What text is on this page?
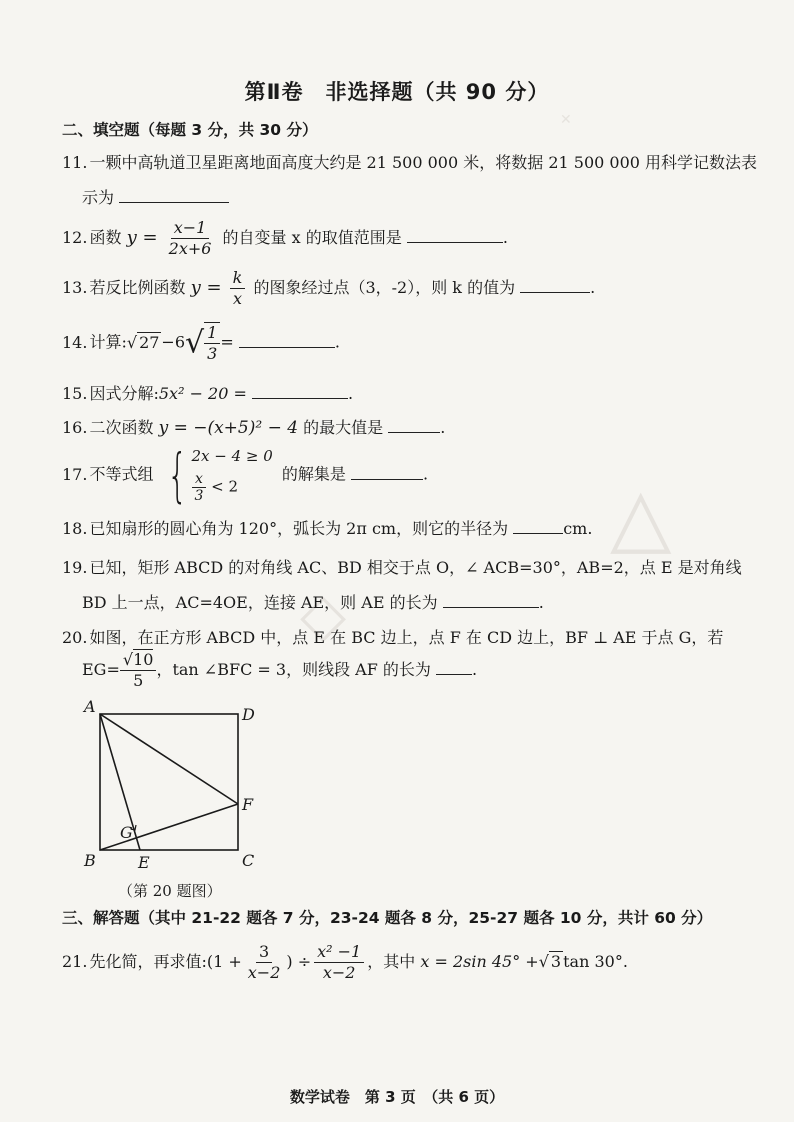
✕
◇
△
第Ⅱ卷　非选择题（共 90 分）
二、填空题（每题 3 分，共 30 分）
11. 一颗中高轨道卫星距离地面高度大约是 21 500 000 米，将数据 21 500 000 用科学记数法表
示为
12. 函数 $y = \frac{x-1}{2x+6}$ 的自变量 x 的取值范围是	.
13. 若反比例函数 $y = \frac{k}{x}$ 的图象经过点（3，-2），则 k 的值为	.
14. 计算:√ $27 -6√ \frac{1}{3}$ =	.
15. 因式分解:5x² − 20 =	.
16. 二次函数 y = −(x+5)² − 4 的最大值是	.
17. 不等式组 { 2x − 4 ≥ 0
$\frac{x}{3} < 2$
的解集是	.
18. 已知扇形的圆心角为 120°，弧长为 2π cm，则它的半径为	cm.
19. 已知，矩形 ABCD 的对角线 AC、BD 相交于点 O，∠ ACB=30°，AB=2，点 E 是对角线
BD 上一点，AC=4OE，连接 AE，则 AE 的长为	.
20. 如图，在正方形 ABCD 中，点 E 在 BC 边上，点 F 在 CD 边上，BF ⊥ AE 于点 G，若
$EG= \frac{√10}{5}$ ，tan ∠BFC = 3，则线段 AF 的长为	.
A	D
B	C
E
F
G
（第 20 题图）
三、解答题（其中 21-22 题各 7 分，23-24 题各 8 分，25-27 题各 10 分，共计 60 分）
21. 先化简，再求值:(1 + $\frac{3}{x-2}$ ) ÷ $\frac{\text{x² −1}}{x-2}$ ，其中 x = 2sin 45° +√ 3 tan 30°.
数学试卷　第 3 页　（共 6 页）
